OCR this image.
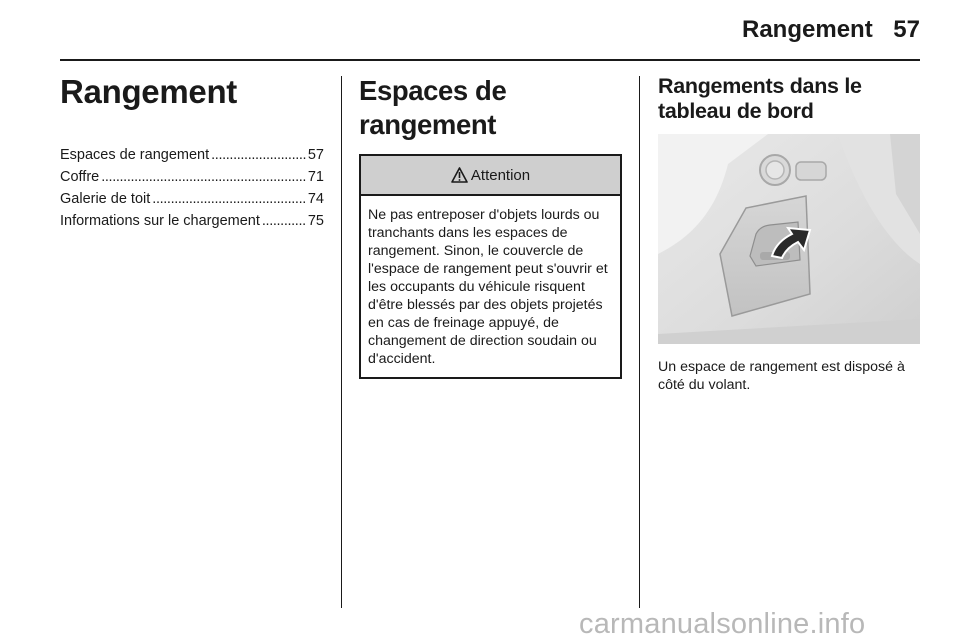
Rangement 57
Rangement
Espaces de rangement . . .	57
Coffre . . .	71
Galerie de toit . . .	74
Informations sur le chargement . . .	75
Espaces de rangement
Attention
Ne pas entreposer d'objets lourds ou tranchants dans les espaces de rangement. Sinon, le couvercle de l'espace de rangement peut s'ouvrir et les occupants du véhicule risquent d'être blessés par des objets projetés en cas de freinage appuyé, de changement de direction soudain ou d'accident.
Rangements dans le tableau de bord

Un espace de rangement est disposé à côté du volant.

carmanualsonline.info
